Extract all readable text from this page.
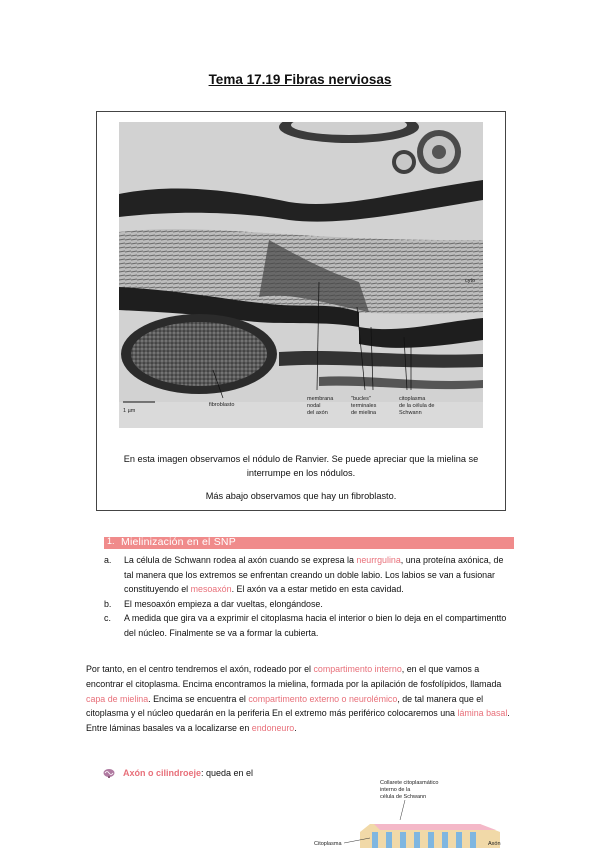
Tema 17.19 Fibras nerviosas
1 µm
cyto
fibroblasto
membrana
nodal
del axón
"bucles"
terminales
de mielina
citoplasma
de la célula de
Schwann
En esta imagen observamos el nódulo de Ranvier. Se puede apreciar que la mielina se interrumpe en los nódulos.
Más abajo observamos que hay un fibroblasto.
1. Mielinización en el SNP
a.	La célula de Schwann rodea al axón cuando se expresa la neurrgulina, una proteína axónica, de tal manera que los extremos se enfrentan creando un doble labio. Los labios se van a fusionar constituyendo el mesoaxón. El axón va a estar metido en esta cavidad.
b.	El mesoaxón empieza a dar vueltas, elongándose.
c.	A medida que gira va a exprimir el citoplasma hacia el interior o bien lo deja en el compartimentto del núcleo. Finalmente se va a formar la cubierta.
Por tanto, en el centro tendremos el axón, rodeado por el compartimento interno, en el que vamos a encontrar el citoplasma. Encima encontramos la mielina, formada por la apilación de fosfolípidos, llamada capa de mielina. Encima se encuentra el compartimento externo o neurolémico, de tal manera que el citoplasma y el núcleo quedarán en la periferia En el extremo más periférico colocaremos una lámina basal. Entre láminas basales va a localizarse en endoneuro.
Axón o cilindroeje : queda en el
Collarete citoplasmático
interno de la
célula de Schwann
Citoplasma	Axón
